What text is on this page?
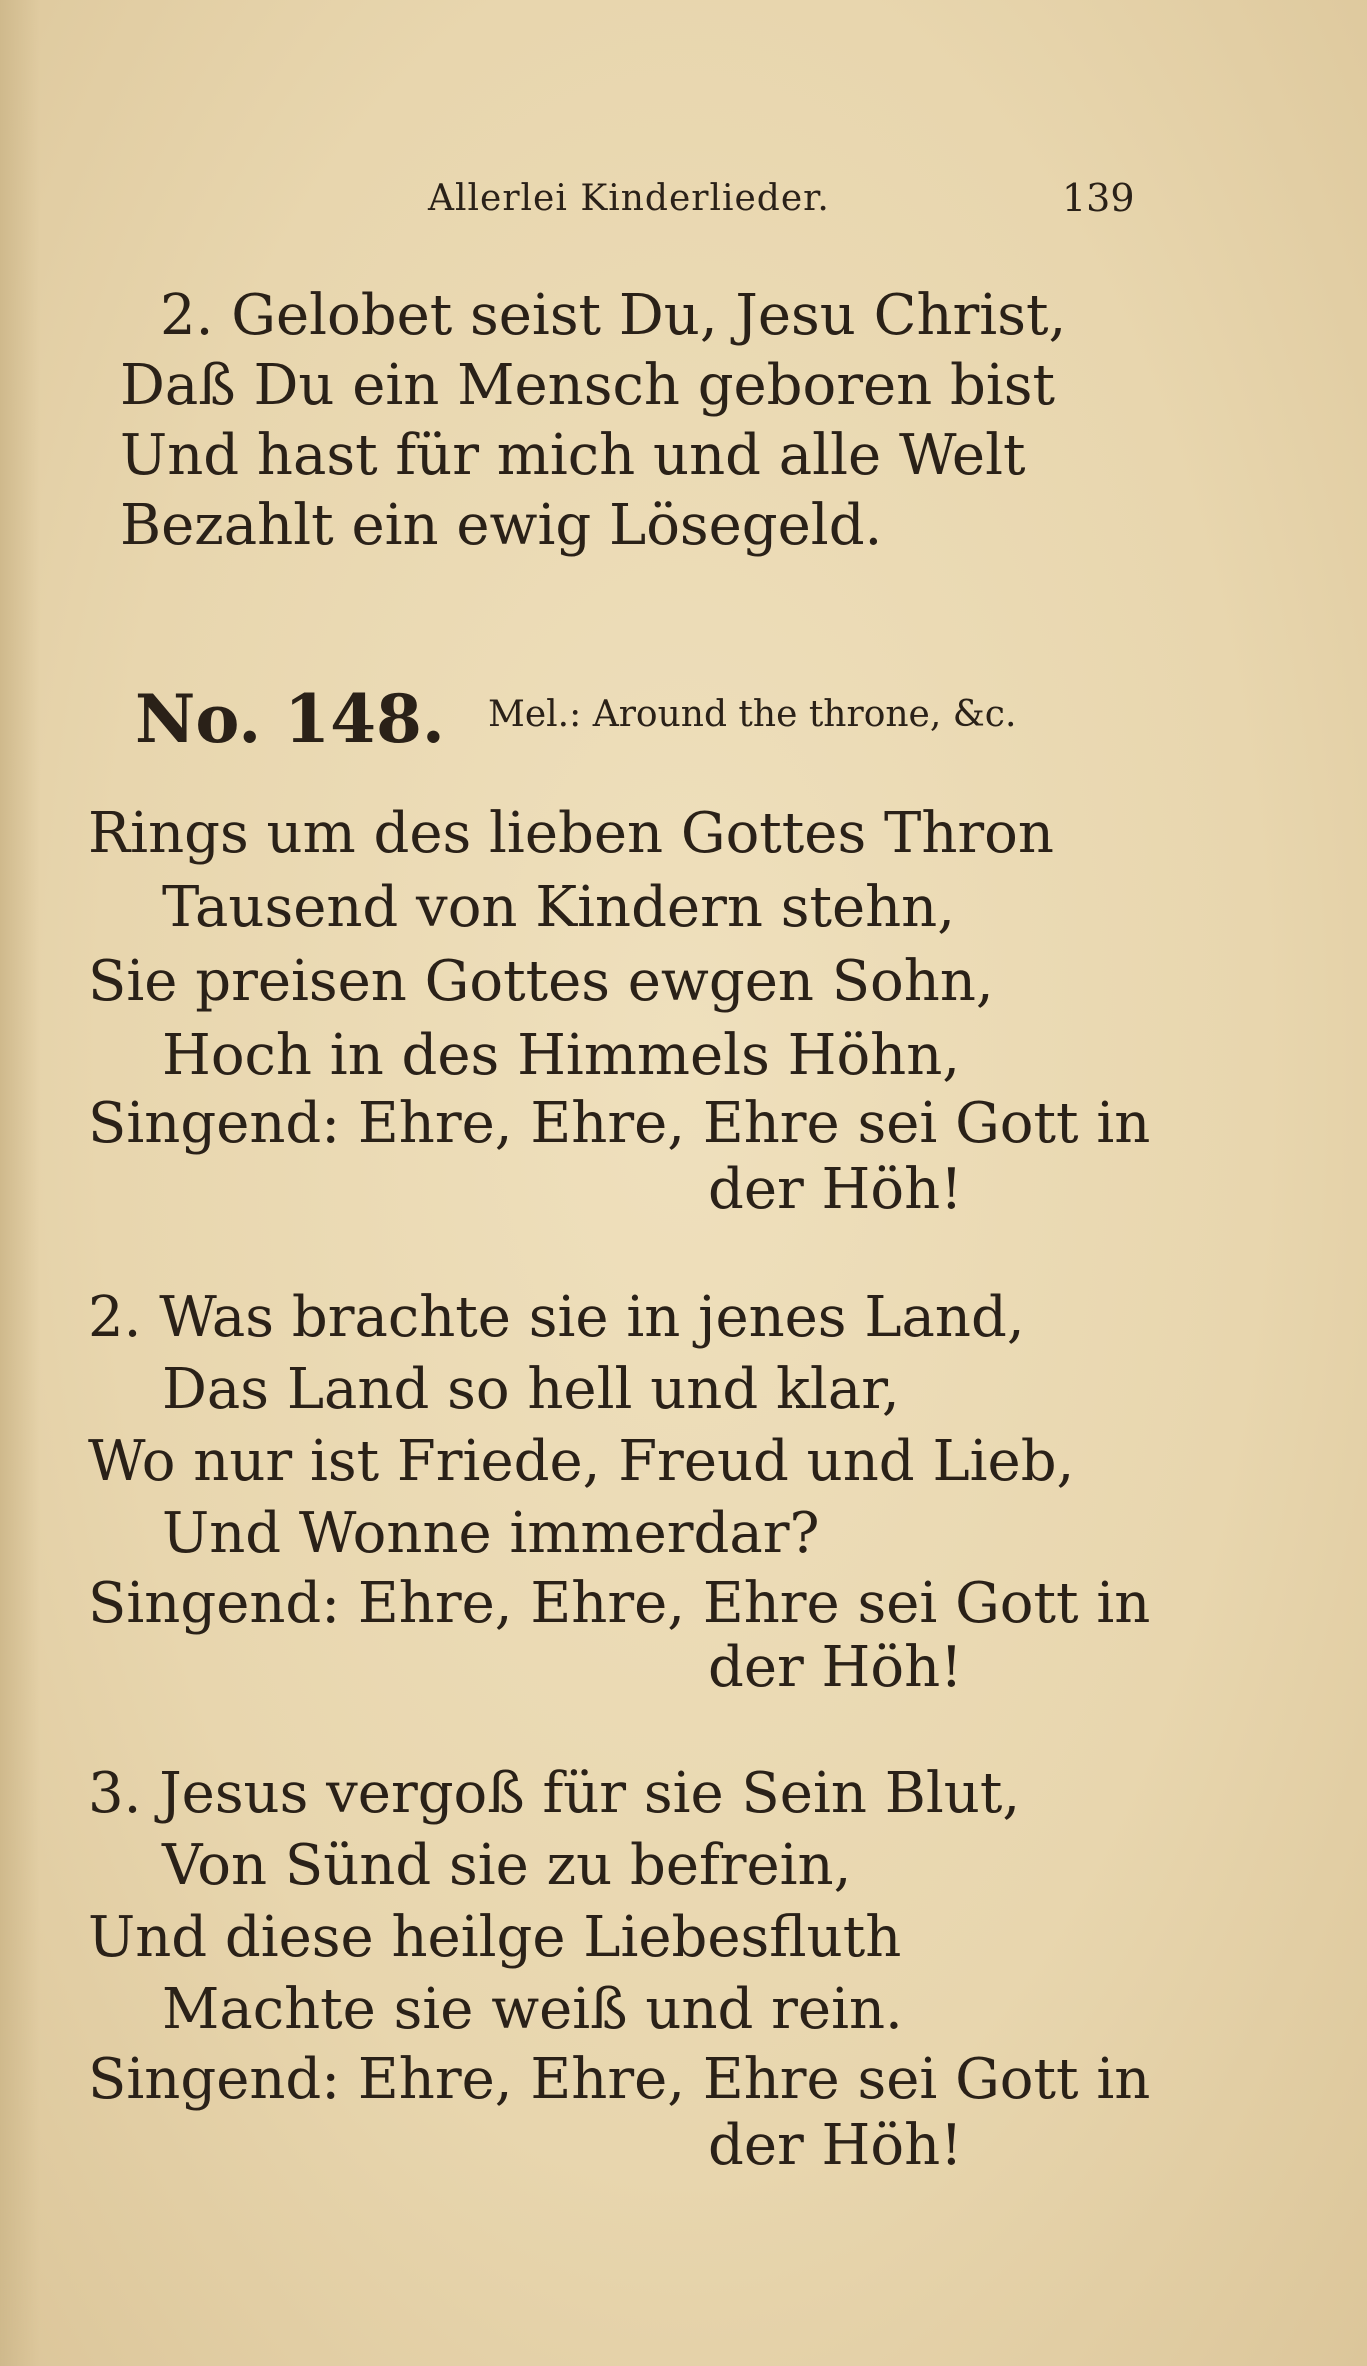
Allerlei Kinderlieder.	139
2. Gelobet seist Du, Jesu Christ,
Daß Du ein Mensch geboren bist
Und hast für mich und alle Welt
Bezahlt ein ewig Lösegeld.
No. 148. Mel.: Around the throne, &c.
Rings um des lieben Gottes Thron
Tausend von Kindern stehn,
Sie preisen Gottes ewgen Sohn,
Hoch in des Himmels Höhn,
Singend: Ehre, Ehre, Ehre sei Gott in
der Höh!
2. Was brachte sie in jenes Land,
Das Land so hell und klar,
Wo nur ist Friede, Freud und Lieb,
Und Wonne immerdar?
Singend: Ehre, Ehre, Ehre sei Gott in
der Höh!
3. Jesus vergoß für sie Sein Blut,
Von Sünd sie zu befrein,
Und diese heilge Liebesfluth
Machte sie weiß und rein.
Singend: Ehre, Ehre, Ehre sei Gott in
der Höh!
